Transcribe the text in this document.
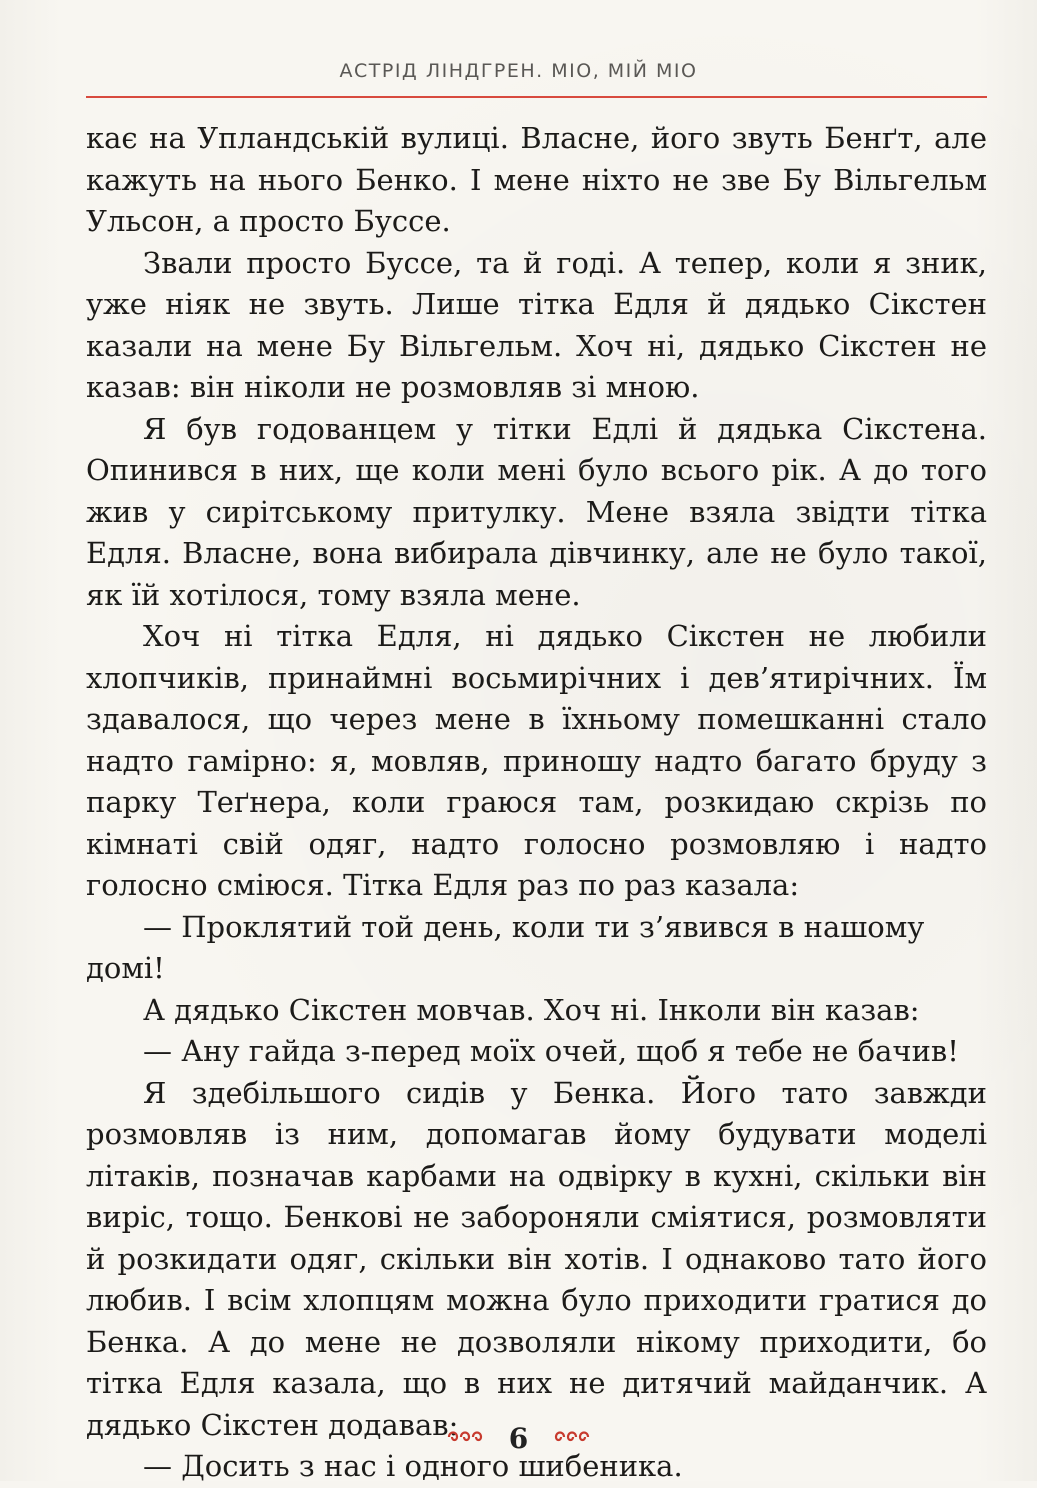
АСТРІД ЛІНДГРЕН. МІО, МІЙ МІО

кає на Упландській вулиці. Власне, його звуть Бенґт, але кажуть на нього Бенко. І мене ніхто не зве Бу Вільгельм Ульсон, а просто Буссе.

Звали просто Буссе, та й годі. А тепер, коли я зник, уже ніяк не звуть. Лише тітка Едля й дядько Сікстен казали на мене Бу Вільгельм. Хоч ні, дядько Сікстен не казав: він ніколи не розмовляв зі мною.

Я був годованцем у тітки Едлі й дядька Сікстена. Опинився в них, ще коли мені було всього рік. А до того жив у сирітському притулку. Мене взяла звідти тітка Едля. Власне, вона вибирала дівчинку, але не було такої, як їй хотілося, тому взяла мене.

Хоч ні тітка Едля, ні дядько Сікстен не любили хлопчиків, принаймні восьмирічних і дев’ятирічних. Їм здавалося, що через мене в їхньому помешканні стало надто гамірно: я, мовляв, приношу надто багато бруду з парку Теґнера, коли граюся там, розкидаю скрізь по кімнаті свій одяг, надто голосно розмовляю і надто голосно сміюся. Тітка Едля раз по раз казала:

— Проклятий той день, коли ти з’явився в нашому домі!

А дядько Сікстен мовчав. Хоч ні. Інколи він казав:

— Ану гайда з-перед моїх очей, щоб я тебе не бачив!

Я здебільшого сидів у Бенка. Його тато завжди розмовляв із ним, допомагав йому будувати моделі літаків, позначав карбами на одвірку в кухні, скільки він виріс, тощо. Бенкові не забороняли сміятися, розмовляти й розкидати одяг, скільки він хотів. І однаково тато його любив. І всім хлопцям можна було приходити гратися до Бенка. А до мене не дозволяли нікому приходити, бо тітка Едля казала, що в них не дитячий майданчик. А дядько Сікстен додавав:

— Досить з нас і одного шибеника.

6
